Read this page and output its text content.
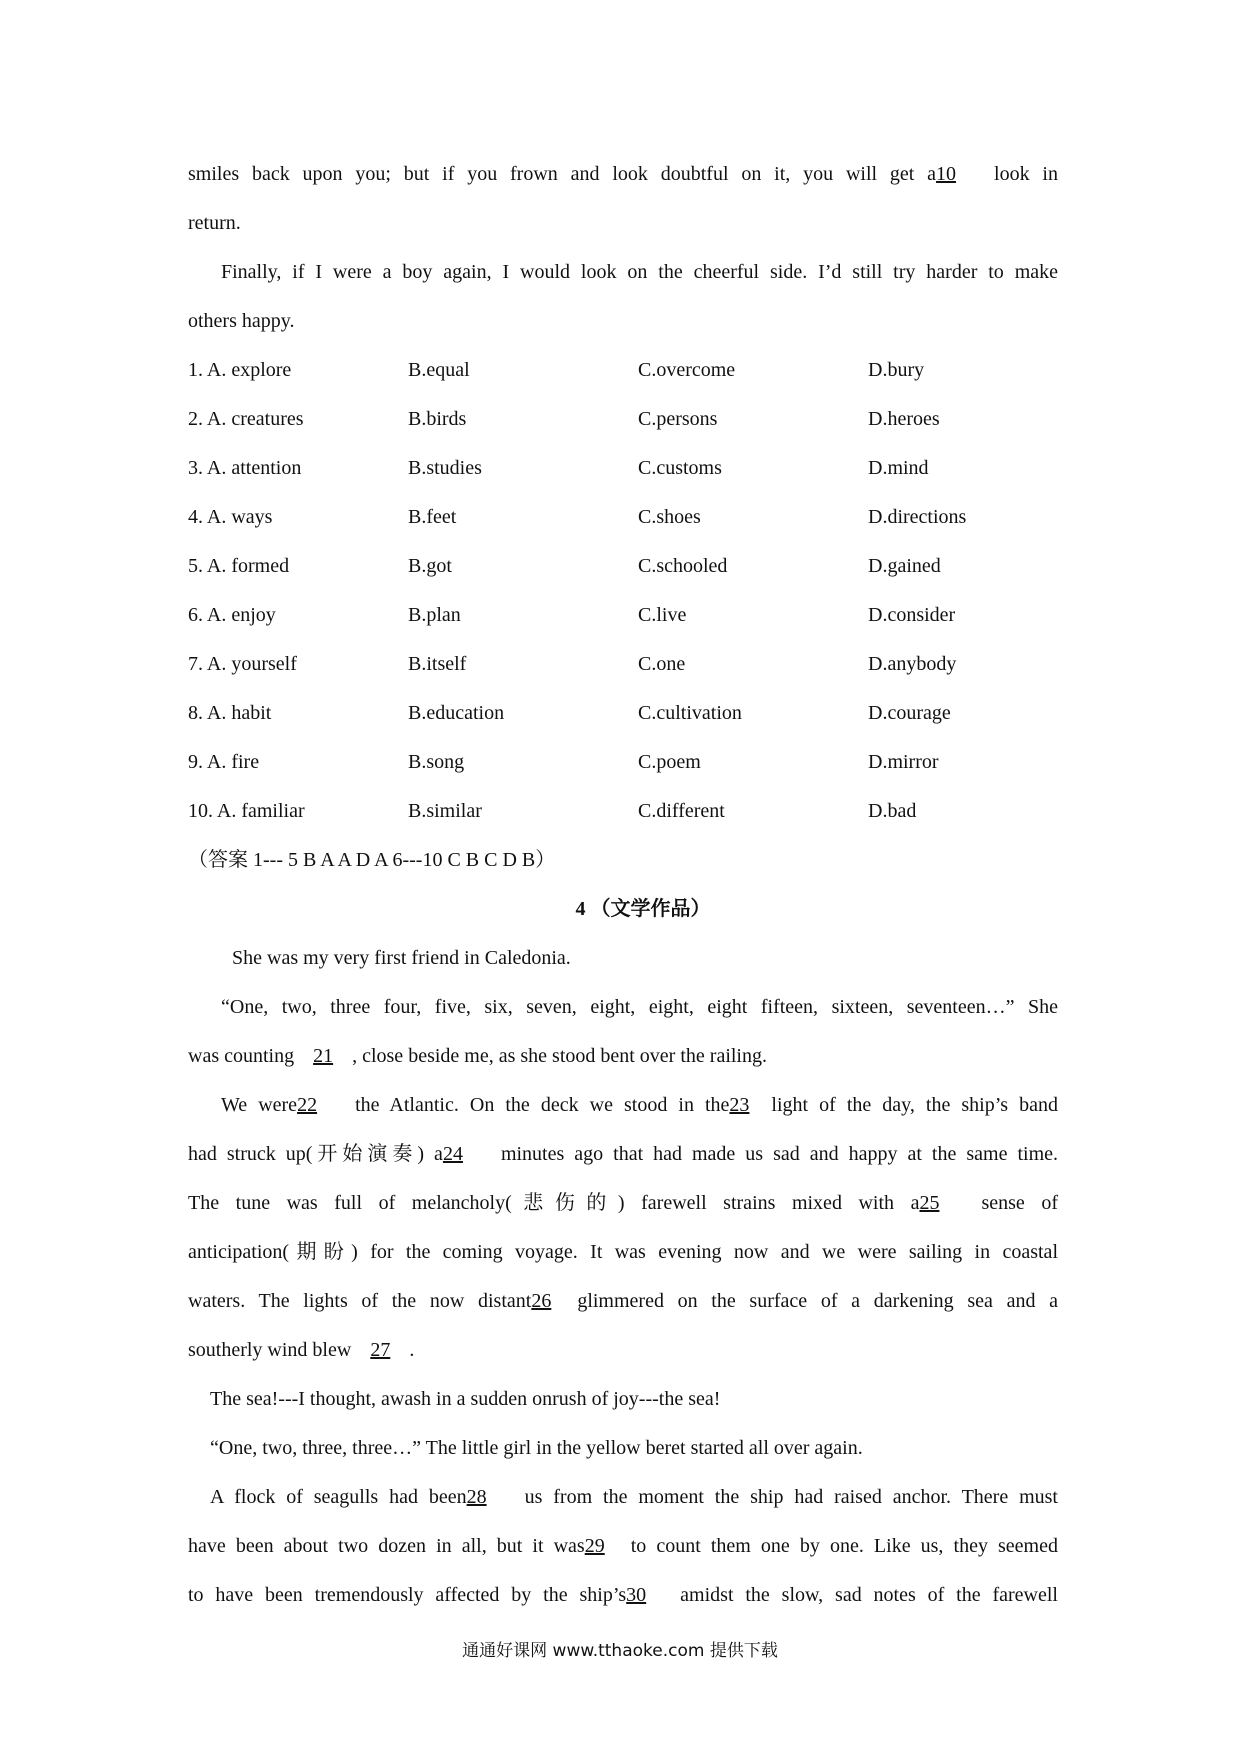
smiles back upon you; but if you frown and look doubtful on it, you will get a10 look in
return.
Finally, if I were a boy again, I would look on the cheerful side. I’d still try harder to make
others happy.
1. A. explore	B.equal	C.overcome	D.bury
2. A. creatures	B.birds	C.persons	D.heroes
3. A. attention	B.studies	C.customs	D.mind
4. A. ways	B.feet	C.shoes	D.directions
5. A. formed	B.got	C.schooled	D.gained
6. A. enjoy	B.plan	C.live	D.consider
7. A. yourself	B.itself	C.one	D.anybody
8. A. habit	B.education	C.cultivation	D.courage
9. A. fire	B.song	C.poem	D.mirror
10. A. familiar	B.similar	C.different	D.bad
（答案 1--- 5 B A A D A 6---10 C B C D B）
4 （文学作品）
She was my very first friend in Caledonia.
“One, two, three four, five, six, seven, eight, eight, eight fifteen, sixteen, seventeen…” She
was counting 21 , close beside me, as she stood bent over the railing.
We were22 the Atlantic. On the deck we stood in the23 light of the day, the ship’s band
had struck up(开始演奏) a24 minutes ago that had made us sad and happy at the same time.
The tune was full of melancholy(悲伤的) farewell strains mixed with a25 sense of
anticipation(期盼) for the coming voyage. It was evening now and we were sailing in coastal
waters. The lights of the now distant26 glimmered on the surface of a darkening sea and a
southerly wind blew 27 .
The sea!---I thought, awash in a sudden onrush of joy---the sea!
“One, two, three, three…” The little girl in the yellow beret started all over again.
A flock of seagulls had been28 us from the moment the ship had raised anchor. There must
have been about two dozen in all, but it was29 to count them one by one. Like us, they seemed
to have been tremendously affected by the ship’s30 amidst the slow, sad notes of the farewell
通通好课网 www.tthaoke.com 提供下载
